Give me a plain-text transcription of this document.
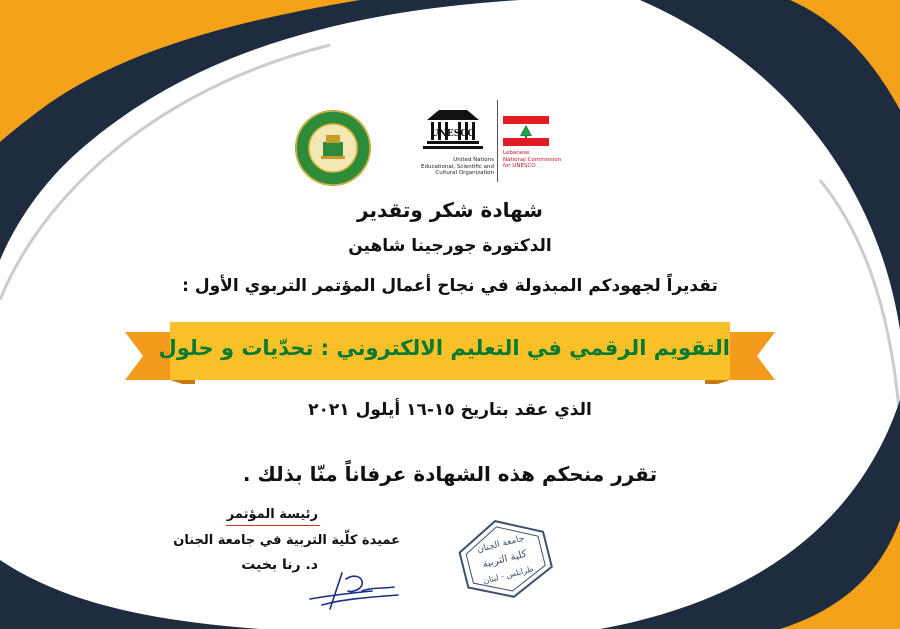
UNESCO
United Nations
Educational, Scientific and
Cultural Organization
Lebanese
National Commission
for UNESCO
شهادة شكر وتقدير
الدكتورة جورجينا شاهين
تقديراً لجهودكم المبذولة في نجاح أعمال المؤتمر التربوي الأول :
التقويم الرقمي في التعليم الالكتروني : تحدّيات و حلول
الذي عقد بتاريخ ١٥-١٦ أيلول ٢٠٢١
تقرر منحكم هذه الشهادة عرفاناً منّا بذلك .
رئيسة المؤتمر
عميدة كلّية التربية في جامعة الجنان
د. رنا بخيت
جامعة الجنان
كلية التربية
طرابلس - لبنان
